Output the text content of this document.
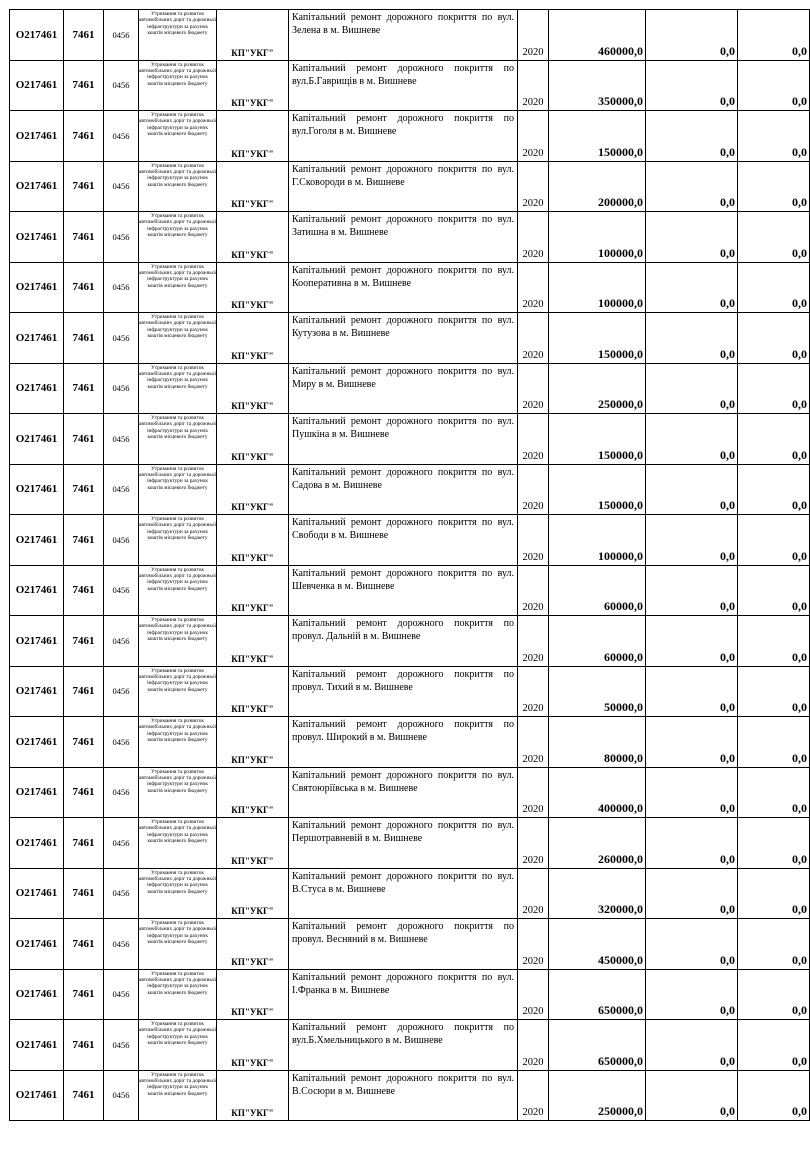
О217461	7461	0456	Утримання та розвиток автомобільних доріг та дорожньої інфраструктури за рахунок коштів місцевого бюджету	КП"УКГ"	Капітальний ремонт дорожного покриття по вул. Зелена в м. Вишневе	2020	460000,0	0,0	0,0
О217461	7461	0456	Утримання та розвиток автомобільних доріг та дорожньої інфраструктури за рахунок коштів місцевого бюджету	КП"УКГ"	Капітальний ремонт дорожного покриття по вул.Б.Гаврищів в м. Вишневе	2020	350000,0	0,0	0,0
О217461	7461	0456	Утримання та розвиток автомобільних доріг та дорожньої інфраструктури за рахунок коштів місцевого бюджету	КП"УКГ"	Капітальний ремонт дорожного покриття по вул.Гоголя в м. Вишневе	2020	150000,0	0,0	0,0
О217461	7461	0456	Утримання та розвиток автомобільних доріг та дорожньої інфраструктури за рахунок коштів місцевого бюджету	КП"УКГ"	Капітальний ремонт дорожного покриття по вул. Г.Сковороди в м. Вишневе	2020	200000,0	0,0	0,0
О217461	7461	0456	Утримання та розвиток автомобільних доріг та дорожньої інфраструктури за рахунок коштів місцевого бюджету	КП"УКГ"	Капітальний ремонт дорожного покриття по вул. Затишна в м. Вишневе	2020	100000,0	0,0	0,0
О217461	7461	0456	Утримання та розвиток автомобільних доріг та дорожньої інфраструктури за рахунок коштів місцевого бюджету	КП"УКГ"	Капітальний ремонт дорожного покриття по вул. Кооперативна в м. Вишневе	2020	100000,0	0,0	0,0
О217461	7461	0456	Утримання та розвиток автомобільних доріг та дорожньої інфраструктури за рахунок коштів місцевого бюджету	КП"УКГ"	Капітальний ремонт дорожного покриття по вул. Кутузова в м. Вишневе	2020	150000,0	0,0	0,0
О217461	7461	0456	Утримання та розвиток автомобільних доріг та дорожньої інфраструктури за рахунок коштів місцевого бюджету	КП"УКГ"	Капітальний ремонт дорожного покриття по вул. Миру в м. Вишневе	2020	250000,0	0,0	0,0
О217461	7461	0456	Утримання та розвиток автомобільних доріг та дорожньої інфраструктури за рахунок коштів місцевого бюджету	КП"УКГ"	Капітальний ремонт дорожного покриття по вул. Пушкіна в м. Вишневе	2020	150000,0	0,0	0,0
О217461	7461	0456	Утримання та розвиток автомобільних доріг та дорожньої інфраструктури за рахунок коштів місцевого бюджету	КП"УКГ"	Капітальний ремонт дорожного покриття по вул. Садова в м. Вишневе	2020	150000,0	0,0	0,0
О217461	7461	0456	Утримання та розвиток автомобільних доріг та дорожньої інфраструктури за рахунок коштів місцевого бюджету	КП"УКГ"	Капітальний ремонт дорожного покриття по вул. Свободи в м. Вишневе	2020	100000,0	0,0	0,0
О217461	7461	0456	Утримання та розвиток автомобільних доріг та дорожньої інфраструктури за рахунок коштів місцевого бюджету	КП"УКГ"	Капітальний ремонт дорожного покриття по вул. Шевченка в м. Вишневе	2020	60000,0	0,0	0,0
О217461	7461	0456	Утримання та розвиток автомобільних доріг та дорожньої інфраструктури за рахунок коштів місцевого бюджету	КП"УКГ"	Капітальний ремонт дорожного покриття по провул. Дальній в м. Вишневе	2020	60000,0	0,0	0,0
О217461	7461	0456	Утримання та розвиток автомобільних доріг та дорожньої інфраструктури за рахунок коштів місцевого бюджету	КП"УКГ"	Капітальний ремонт дорожного покриття по провул. Тихий в м. Вишневе	2020	50000,0	0,0	0,0
О217461	7461	0456	Утримання та розвиток автомобільних доріг та дорожньої інфраструктури за рахунок коштів місцевого бюджету	КП"УКГ"	Капітальний ремонт дорожного покриття по провул. Широкий в м. Вишневе	2020	80000,0	0,0	0,0
О217461	7461	0456	Утримання та розвиток автомобільних доріг та дорожньої інфраструктури за рахунок коштів місцевого бюджету	КП"УКГ"	Капітальний ремонт дорожного покриття по вул. Святоюріївська в м. Вишневе	2020	400000,0	0,0	0,0
О217461	7461	0456	Утримання та розвиток автомобільних доріг та дорожньої інфраструктури за рахунок коштів місцевого бюджету	КП"УКГ"	Капітальний ремонт дорожного покриття по вул. Першотравневій в м. Вишневе	2020	260000,0	0,0	0,0
О217461	7461	0456	Утримання та розвиток автомобільних доріг та дорожньої інфраструктури за рахунок коштів місцевого бюджету	КП"УКГ"	Капітальний ремонт дорожного покриття по вул. В.Стуса в м. Вишневе	2020	320000,0	0,0	0,0
О217461	7461	0456	Утримання та розвиток автомобільних доріг та дорожньої інфраструктури за рахунок коштів місцевого бюджету	КП"УКГ"	Капітальний ремонт дорожного покриття по провул. Весняний в м. Вишневе	2020	450000,0	0,0	0,0
О217461	7461	0456	Утримання та розвиток автомобільних доріг та дорожньої інфраструктури за рахунок коштів місцевого бюджету	КП"УКГ"	Капітальний ремонт дорожного покриття по вул. І.Франка в м. Вишневе	2020	650000,0	0,0	0,0
О217461	7461	0456	Утримання та розвиток автомобільних доріг та дорожньої інфраструктури за рахунок коштів місцевого бюджету	КП"УКГ"	Капітальний ремонт дорожного покриття по вул.Б.Хмельницького в м. Вишневе	2020	650000,0	0,0	0,0
О217461	7461	0456	Утримання та розвиток автомобільних доріг та дорожньої інфраструктури за рахунок коштів місцевого бюджету	КП"УКГ"	Капітальний ремонт дорожного покриття по вул. В.Сосюри в м. Вишневе	2020	250000,0	0,0	0,0
